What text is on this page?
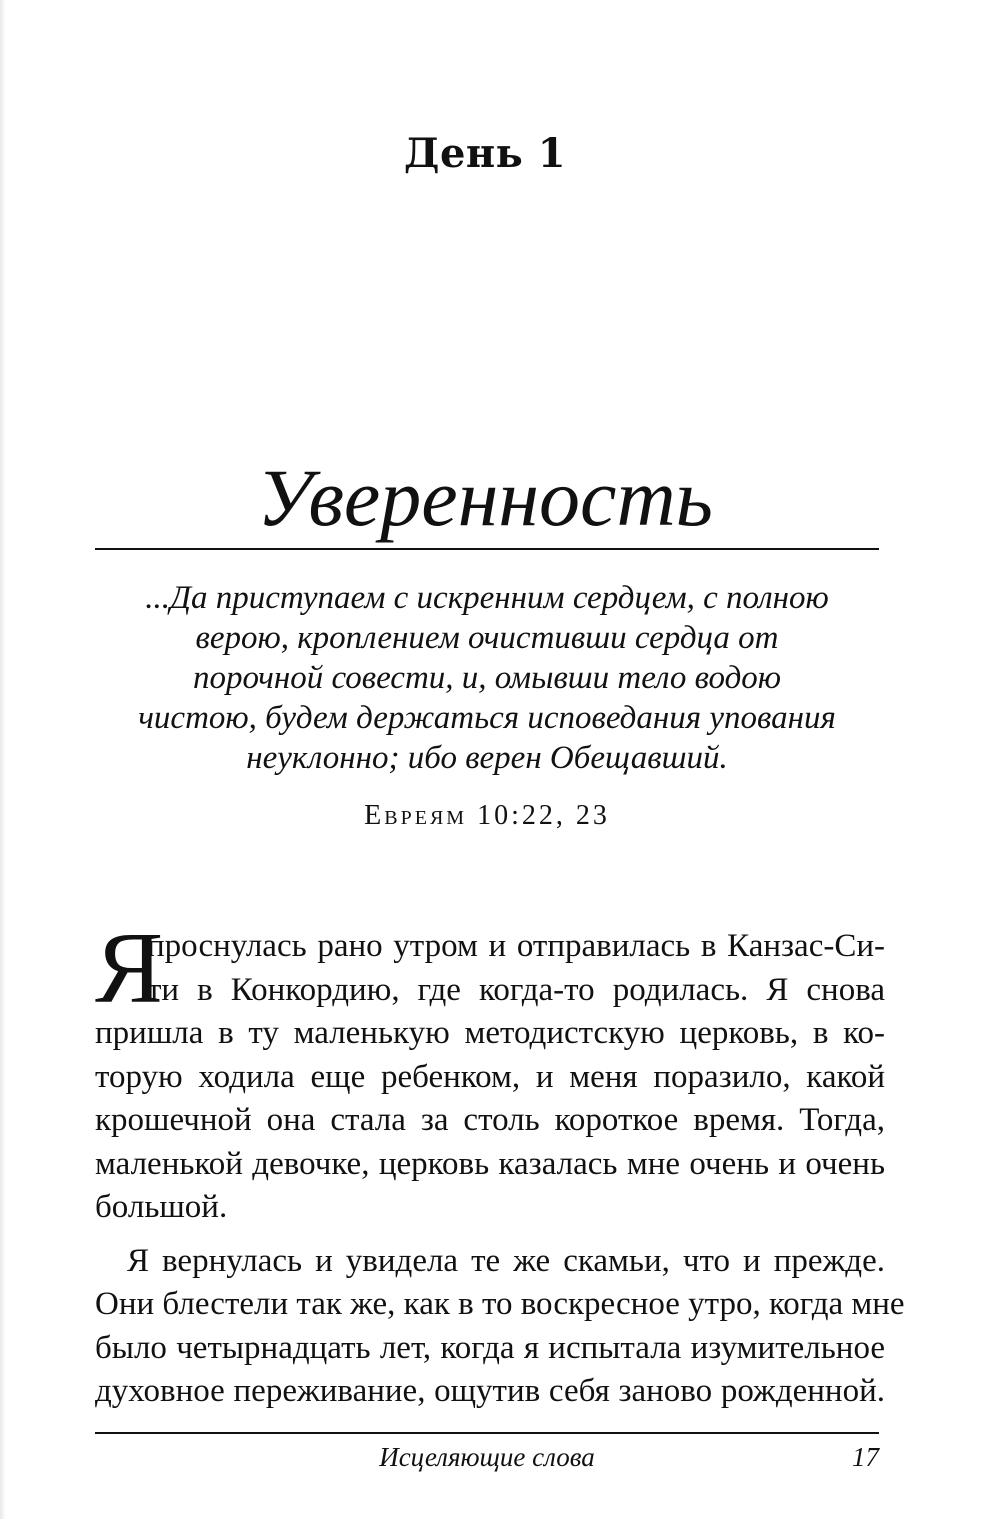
День 1
Уверенность
...Да приступаем с искренним сердцем, с полною
верою, кроплением очистивши сердца от
порочной совести, и, омывши тело водою
чистою, будем держаться исповедания упования
неуклонно; ибо верен Обещавший.
Евреям 10:22, 23
Я
проснулась рано утром и отправилась в Канзас-Си-
ти в Конкордию, где когда-то родилась. Я снова
пришла в ту маленькую методистскую церковь, в ко-
торую ходила еще ребенком, и меня поразило, какой
крошечной она стала за столь короткое время. Тогда,
маленькой девочке, церковь казалась мне очень и очень
большой.
Я вернулась и увидела те же скамьи, что и прежде.
Они блестели так же, как в то воскресное утро, когда мне
было четырнадцать лет, когда я испытала изумительное
духовное переживание, ощутив себя заново рожденной.
Исцеляющие слова	17
